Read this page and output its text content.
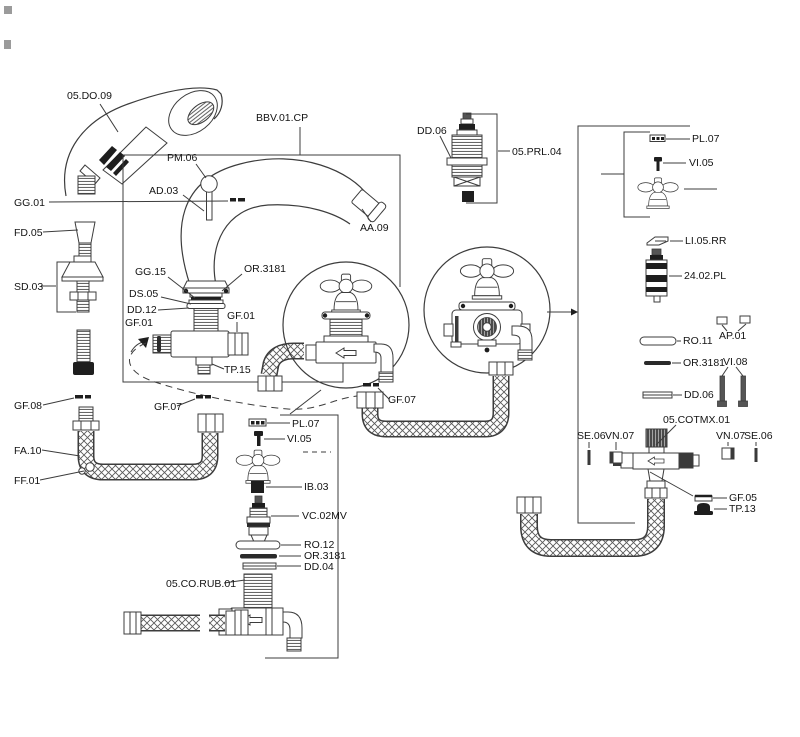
05.DO.09
BBV.01.CP
PM.06
AD.03
AA.09
GG.01
FD.05
SD.03
GF.08
FA.10
FF.01
GG.15
DS.05
DD.12
GF.01
OR.3181
GF.01
TP.15
GF.07
GF.07
DD.06
05.PRL.04
PL.07
VI.05
IB.03
VC.02MV
RO.12
OR.3181
DD.04
05.CO.RUB.01
PL.07
VI.05
LI.05.RR
24.02.PL
AP.01
RO.11
OR.3181
VI.08
DD.06
05.COTMX.01
SE.06 VN.07	VN.07
SE.06
GF.05
TP.13
